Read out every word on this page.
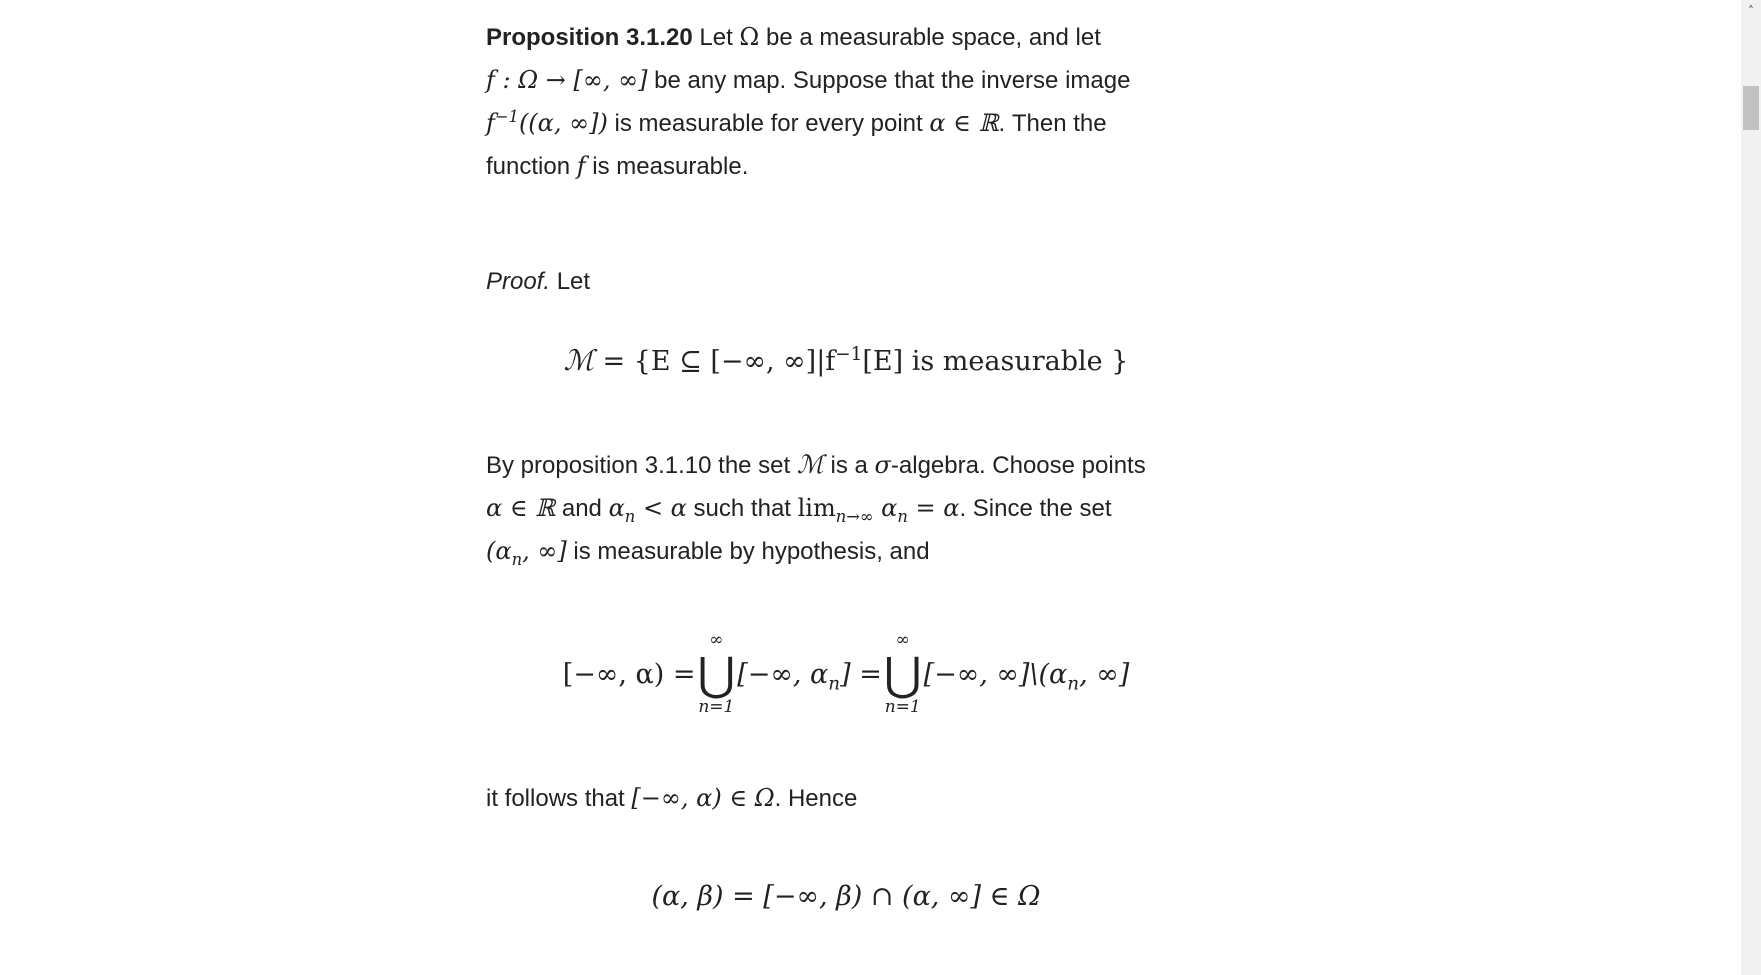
Proposition 3.1.20 Let Ω be a measurable space, and let
f : Ω → [∞, ∞] be any map. Suppose that the inverse image
$f^{-1}((\alpha$, ∞]) is measurable for every point α ∈ ℝ. Then the
function f is measurable.

Proof. Let

ℳ = {E ⊆ [−∞, $\infty]|f^{-1}[E]$ is measurable }

By proposition 3.1.10 the set ℳ is a σ-algebra. Choose points
α ∈ ℝ and $\alpha_n < \alpha$ such that $\lim_{n\to\infty} \alpha_n = \alpha$. Since the set
($\alpha_n$, ∞] is measurable by hypothesis, and

[−∞, α) =
∞
⋃
n=1
[−∞, $\alpha_n$] =
∞
⋃
n=1
[−∞, $\infty]\backslash(\alpha_n$, ∞]

it follows that [−∞, α) ∈ Ω. Hence

(α, β) = [−∞, β) ∩ (α, ∞] ∈ Ω
˄
